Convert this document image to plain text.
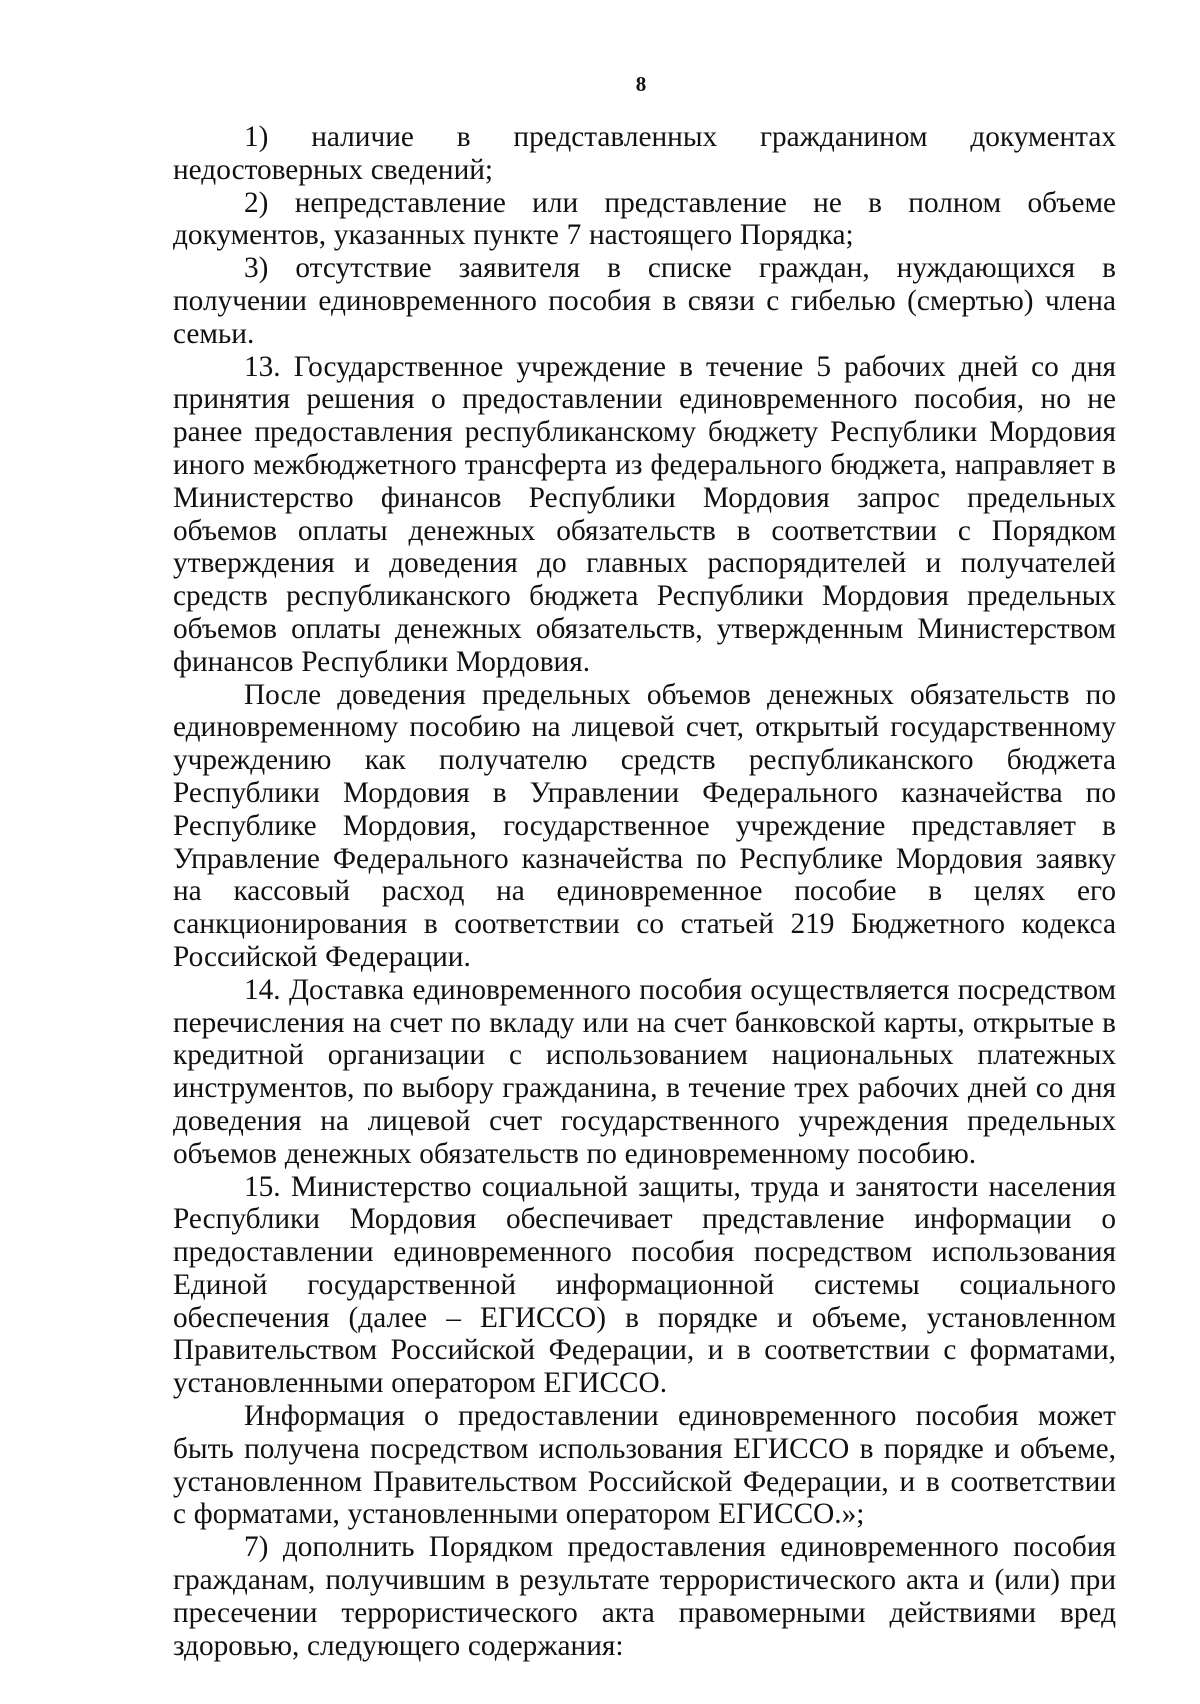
8

1) наличие в представленных гражданином документах недостоверных сведений;

2) непредставление или представление не в полном объеме документов, указанных пункте 7 настоящего Порядка;

3) отсутствие заявителя в списке граждан, нуждающихся в получении единовременного пособия в связи с гибелью (смертью) члена семьи.

13. Государственное учреждение в течение 5 рабочих дней со дня принятия решения о предоставлении единовременного пособия, но не ранее предоставления республиканскому бюджету Республики Мордовия иного межбюджетного трансферта из федерального бюджета, направляет в Министерство финансов Республики Мордовия запрос предельных объемов оплаты денежных обязательств в соответствии с Порядком утверждения и доведения до главных распорядителей и получателей средств республиканского бюджета Республики Мордовия предельных объемов оплаты денежных обязательств, утвержденным Министерством финансов Республики Мордовия.

После доведения предельных объемов денежных обязательств по единовременному пособию на лицевой счет, открытый государственному учреждению как получателю средств республиканского бюджета Республики Мордовия в Управлении Федерального казначейства по Республике Мордовия, государственное учреждение представляет в Управление Федерального казначейства по Республике Мордовия заявку на кассовый расход на единовременное пособие в целях его санкционирования в соответствии со статьей 219 Бюджетного кодекса Российской Федерации.

14. Доставка единовременного пособия осуществляется посредством перечисления на счет по вкладу или на счет банковской карты, открытые в кредитной организации с использованием национальных платежных инструментов, по выбору гражданина, в течение трех рабочих дней со дня доведения на лицевой счет государственного учреждения предельных объемов денежных обязательств по единовременному пособию.

15. Министерство социальной защиты, труда и занятости населения Республики Мордовия обеспечивает представление информации о предоставлении единовременного пособия посредством использования Единой государственной информационной системы социального обеспечения (далее – ЕГИССО) в порядке и объеме, установленном Правительством Российской Федерации, и в соответствии с форматами, установленными оператором ЕГИССО.

Информация о предоставлении единовременного пособия может быть получена посредством использования ЕГИССО в порядке и объеме, установленном Правительством Российской Федерации, и в соответствии с форматами, установленными оператором ЕГИССО.»;

7) дополнить Порядком предоставления единовременного пособия гражданам, получившим в результате террористического акта и (или) при пресечении террористического акта правомерными действиями вред здоровью, следующего содержания:
